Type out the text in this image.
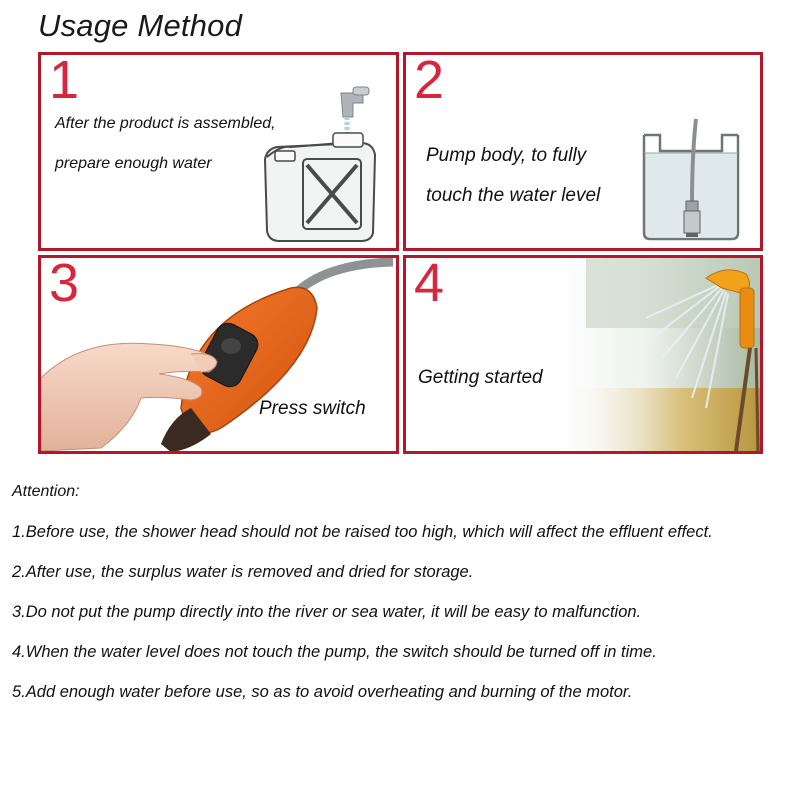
Usage Method
1
After the product is assembled,
prepare enough water
2
Pump body, to fully
touch the water level
3
Press switch
4
Getting started
Attention:
1.Before use, the shower head should not be raised too high, which will affect the effluent effect.
2.After use, the surplus water is removed and dried for storage.
3.Do not put the pump directly into the river or sea water, it will be easy to malfunction.
4.When the water level does not touch the pump, the switch should be turned off in time.
5.Add enough water before use, so as to avoid overheating and burning of the motor.
